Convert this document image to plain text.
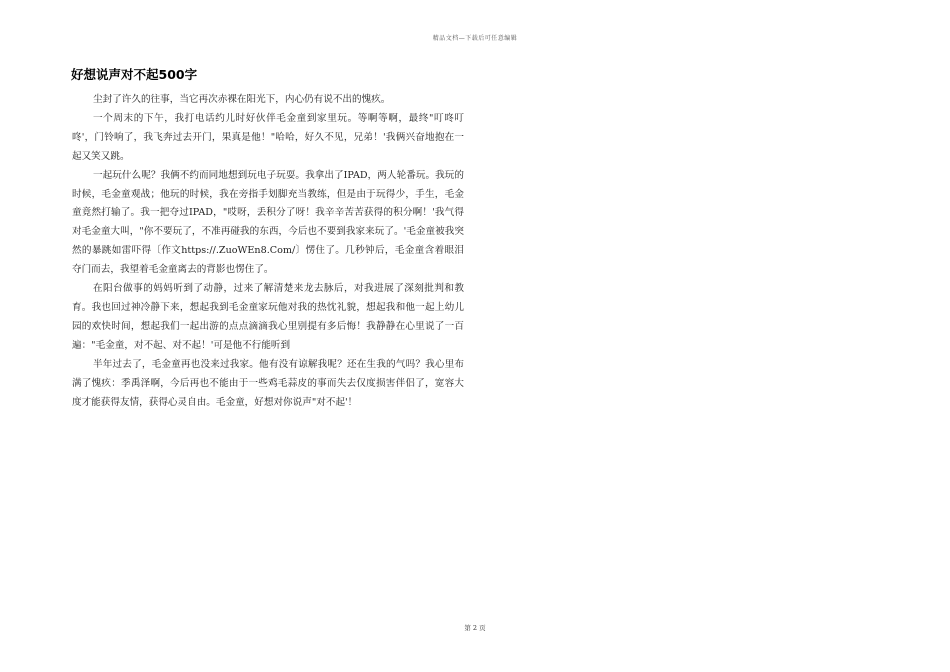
精品文档—下载后可任意编辑
好想说声对不起500字

尘封了许久的往事，当它再次赤裸在阳光下，内心仍有说不出的愧疚。

一个周末的下午，我打电话约儿时好伙伴毛金童到家里玩。等啊等啊，最终"叮咚叮咚'，门铃响了，我飞奔过去开门，果真是他！"哈哈，好久不见，兄弟！'我俩兴奋地抱在一起又笑又跳。

一起玩什么呢？我俩不约而同地想到玩电子玩耍。我拿出了IPAD，两人轮番玩。我玩的时候，毛金童观战；他玩的时候，我在旁指手划脚充当教练，但是由于玩得少，手生，毛金童竟然打输了。我一把夺过IPAD，"哎呀，丢积分了呀！我辛辛苦苦获得的积分啊！'我气得对毛金童大叫，"你不要玩了，不准再碰我的东西，今后也不要到我家来玩了。'毛金童被我突然的暴跳如雷吓得〔作文https://.ZuoWEn8.Com/〕愣住了。几秒钟后，毛金童含着眼泪夺门而去，我望着毛金童离去的背影也愣住了。

在阳台做事的妈妈听到了动静，过来了解清楚来龙去脉后，对我进展了深刻批判和教育。我也回过神冷静下来，想起我到毛金童家玩他对我的热忱礼貌，想起我和他一起上幼儿园的欢快时间，想起我们一起出游的点点滴滴我心里别提有多后悔！我静静在心里说了一百遍："毛金童，对不起、对不起！'可是他不行能听到

半年过去了，毛金童再也没来过我家。他有没有谅解我呢？还在生我的气吗？我心里布满了愧疚：季禹泽啊，今后再也不能由于一些鸡毛蒜皮的事而失去仅度损害伴侣了，宽容大度才能获得友情，获得心灵自由。毛金童，好想对你说声"对不起'！

第 2 页
